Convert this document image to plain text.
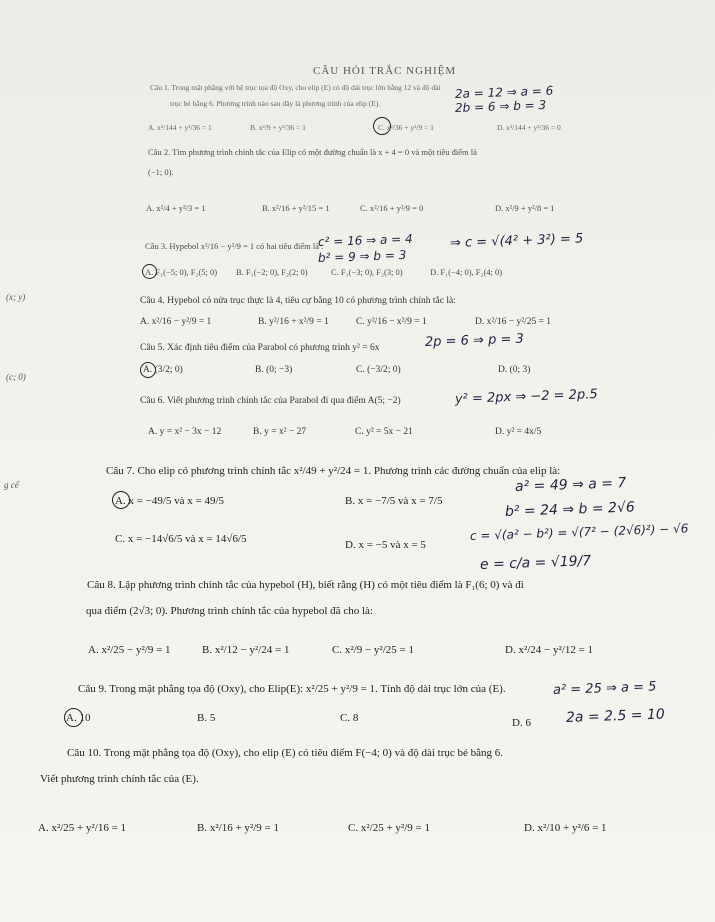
CÂU HỎI TRẮC NGHIỆM
Câu 1. Trong mặt phẳng với hệ trục tọa độ Oxy, cho elip (E) có độ dài trục lớn bằng 12 và độ dài
trục bé bằng 6. Phương trình nào sau đây là phương trình của elip (E).
A. x²/144 + y²/36 = 1	B. x²/9 + y²/36 = 1	C. x²/36 + y²/9 = 1	D. x²/144 + y²/36 = 0
2a = 12 ⇒ a = 6
2b = 6 ⇒ b = 3
Câu 2. Tìm phương trình chính tắc của Elip có một đường chuẩn là x + 4 = 0 và một tiêu điểm là
(−1; 0).
A. x²/4 + y²/3 = 1	B. x²/16 + y²/15 = 1	C. x²/16 + y²/9 = 0	D. x²/9 + y²/8 = 1
Câu 3. Hypebol x²/16 − y²/9 = 1 có hai tiêu điểm là :
A. F₁(−5; 0), F₂(5; 0) B. F₁(−2; 0), F₂(2; 0)	C. F₁(−3; 0), F₂(3; 0)	D. F₁(−4; 0), F₂(4; 0)
c² = 16 ⇒ a = 4
b² = 9 ⇒ b = 3
⇒ c = √(4² + 3²) = 5
Câu 4. Hypebol có nửa trục thực là 4, tiêu cự bằng 10 có phương trình chính tắc là:
A. x²/16 − y²/9 = 1	B. y²/16 + x²/9 = 1	C. y²/16 − x²/9 = 1	D. x²/16 − y²/25 = 1
Câu 5. Xác định tiêu điểm của Parabol có phương trình y² = 6x
A. (3/2; 0)	B. (0; −3)	C. (−3/2; 0)	D. (0; 3)
2p = 6 ⇒ p = 3
Câu 6. Viết phương trình chính tắc của Parabol đi qua điểm A(5; −2)
A. y = x² − 3x − 12	B. y = x² − 27	C. y² = 5x − 21	D. y² = 4x/5
y² = 2px ⇒ −2 = 2p.5
Câu 7. Cho elip có phương trình chính tắc x²/49 + y²/24 = 1. Phương trình các đường chuẩn của elip là:
A. x = −49/5 và x = 49/5	B. x = −7/5 và x = 7/5
C. x = −14√6/5 và x = 14√6/5	D. x = −5 và x = 5
a² = 49 ⇒ a = 7
b² = 24 ⇒ b = 2√6
c = √(a² − b²) = √(7² − (2√6)²) − √6
e = c/a = √19/7
Câu 8. Lập phương trình chính tắc của hypebol (H), biết rằng (H) có một tiêu điểm là F₁(6; 0) và đi
qua điểm (2√3; 0). Phương trình chính tắc của hypebol đã cho là:
A. x²/25 − y²/9 = 1	B. x²/12 − y²/24 = 1	C. x²/9 − y²/25 = 1	D. x²/24 − y²/12 = 1
Câu 9. Trong mặt phẳng tọa độ (Oxy), cho Elip(E): x²/25 + y²/9 = 1. Tính độ dài trục lớn của (E).
A. 10	B. 5	C. 8	D. 6
a² = 25 ⇒ a = 5
2a = 2.5 = 10
Câu 10. Trong mặt phẳng tọa độ (Oxy), cho elip (E) có tiêu điểm F(−4; 0) và độ dài trục bé bằng 6.
Viết phương trình chính tắc của (E).
A. x²/25 + y²/16 = 1	B. x²/16 + y²/9 = 1	C. x²/25 + y²/9 = 1	D. x²/10 + y²/6 = 1
(x; y)
(c; 0)
g cế
